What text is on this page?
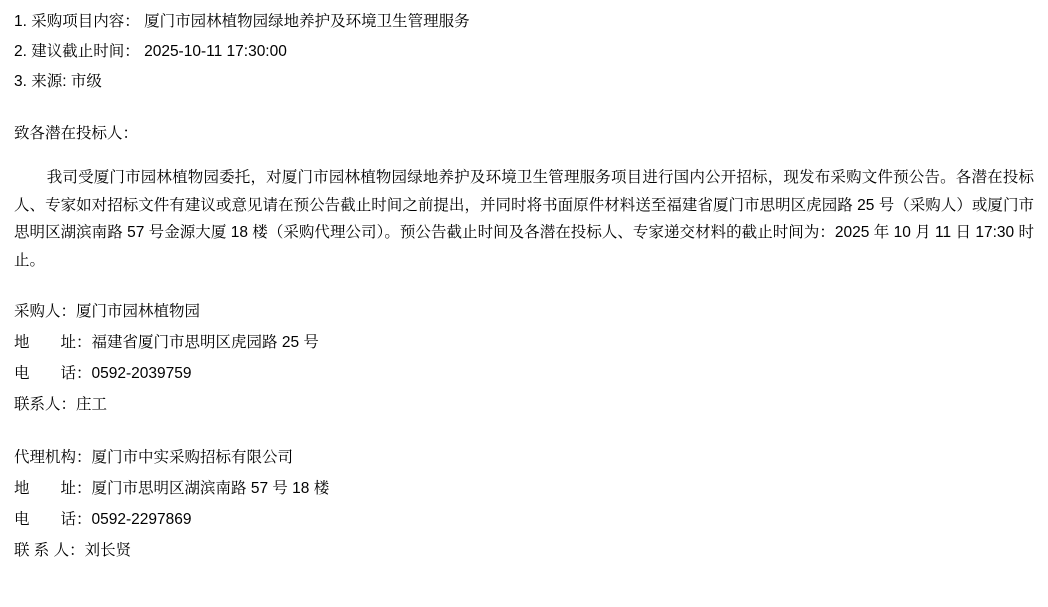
1. 采购项目内容： 厦门市园林植物园绿地养护及环境卫生管理服务
2. 建议截止时间： 2025-10-11 17:30:00
3. 来源: 市级

致各潜在投标人：

我司受厦门市园林植物园委托，对厦门市园林植物园绿地养护及环境卫生管理服务项目进行国内公开招标，现发布采购文件预公告。各潜在投标人、专家如对招标文件有建议或意见请在预公告截止时间之前提出，并同时将书面原件材料送至福建省厦门市思明区虎园路 25 号（采购人）或厦门市思明区湖滨南路 57 号金源大厦 18 楼（采购代理公司）。预公告截止时间及各潜在投标人、专家递交材料的截止时间为：2025 年 10 月 11 日 17:30 时止。

采购人：厦门市园林植物园

地　　址：福建省厦门市思明区虎园路 25 号

电　　话：0592-2039759

联系人：庄工

代理机构：厦门市中实采购招标有限公司

地　　址：厦门市思明区湖滨南路 57 号 18 楼

电　　话：0592-2297869

联 系 人：刘长贤
